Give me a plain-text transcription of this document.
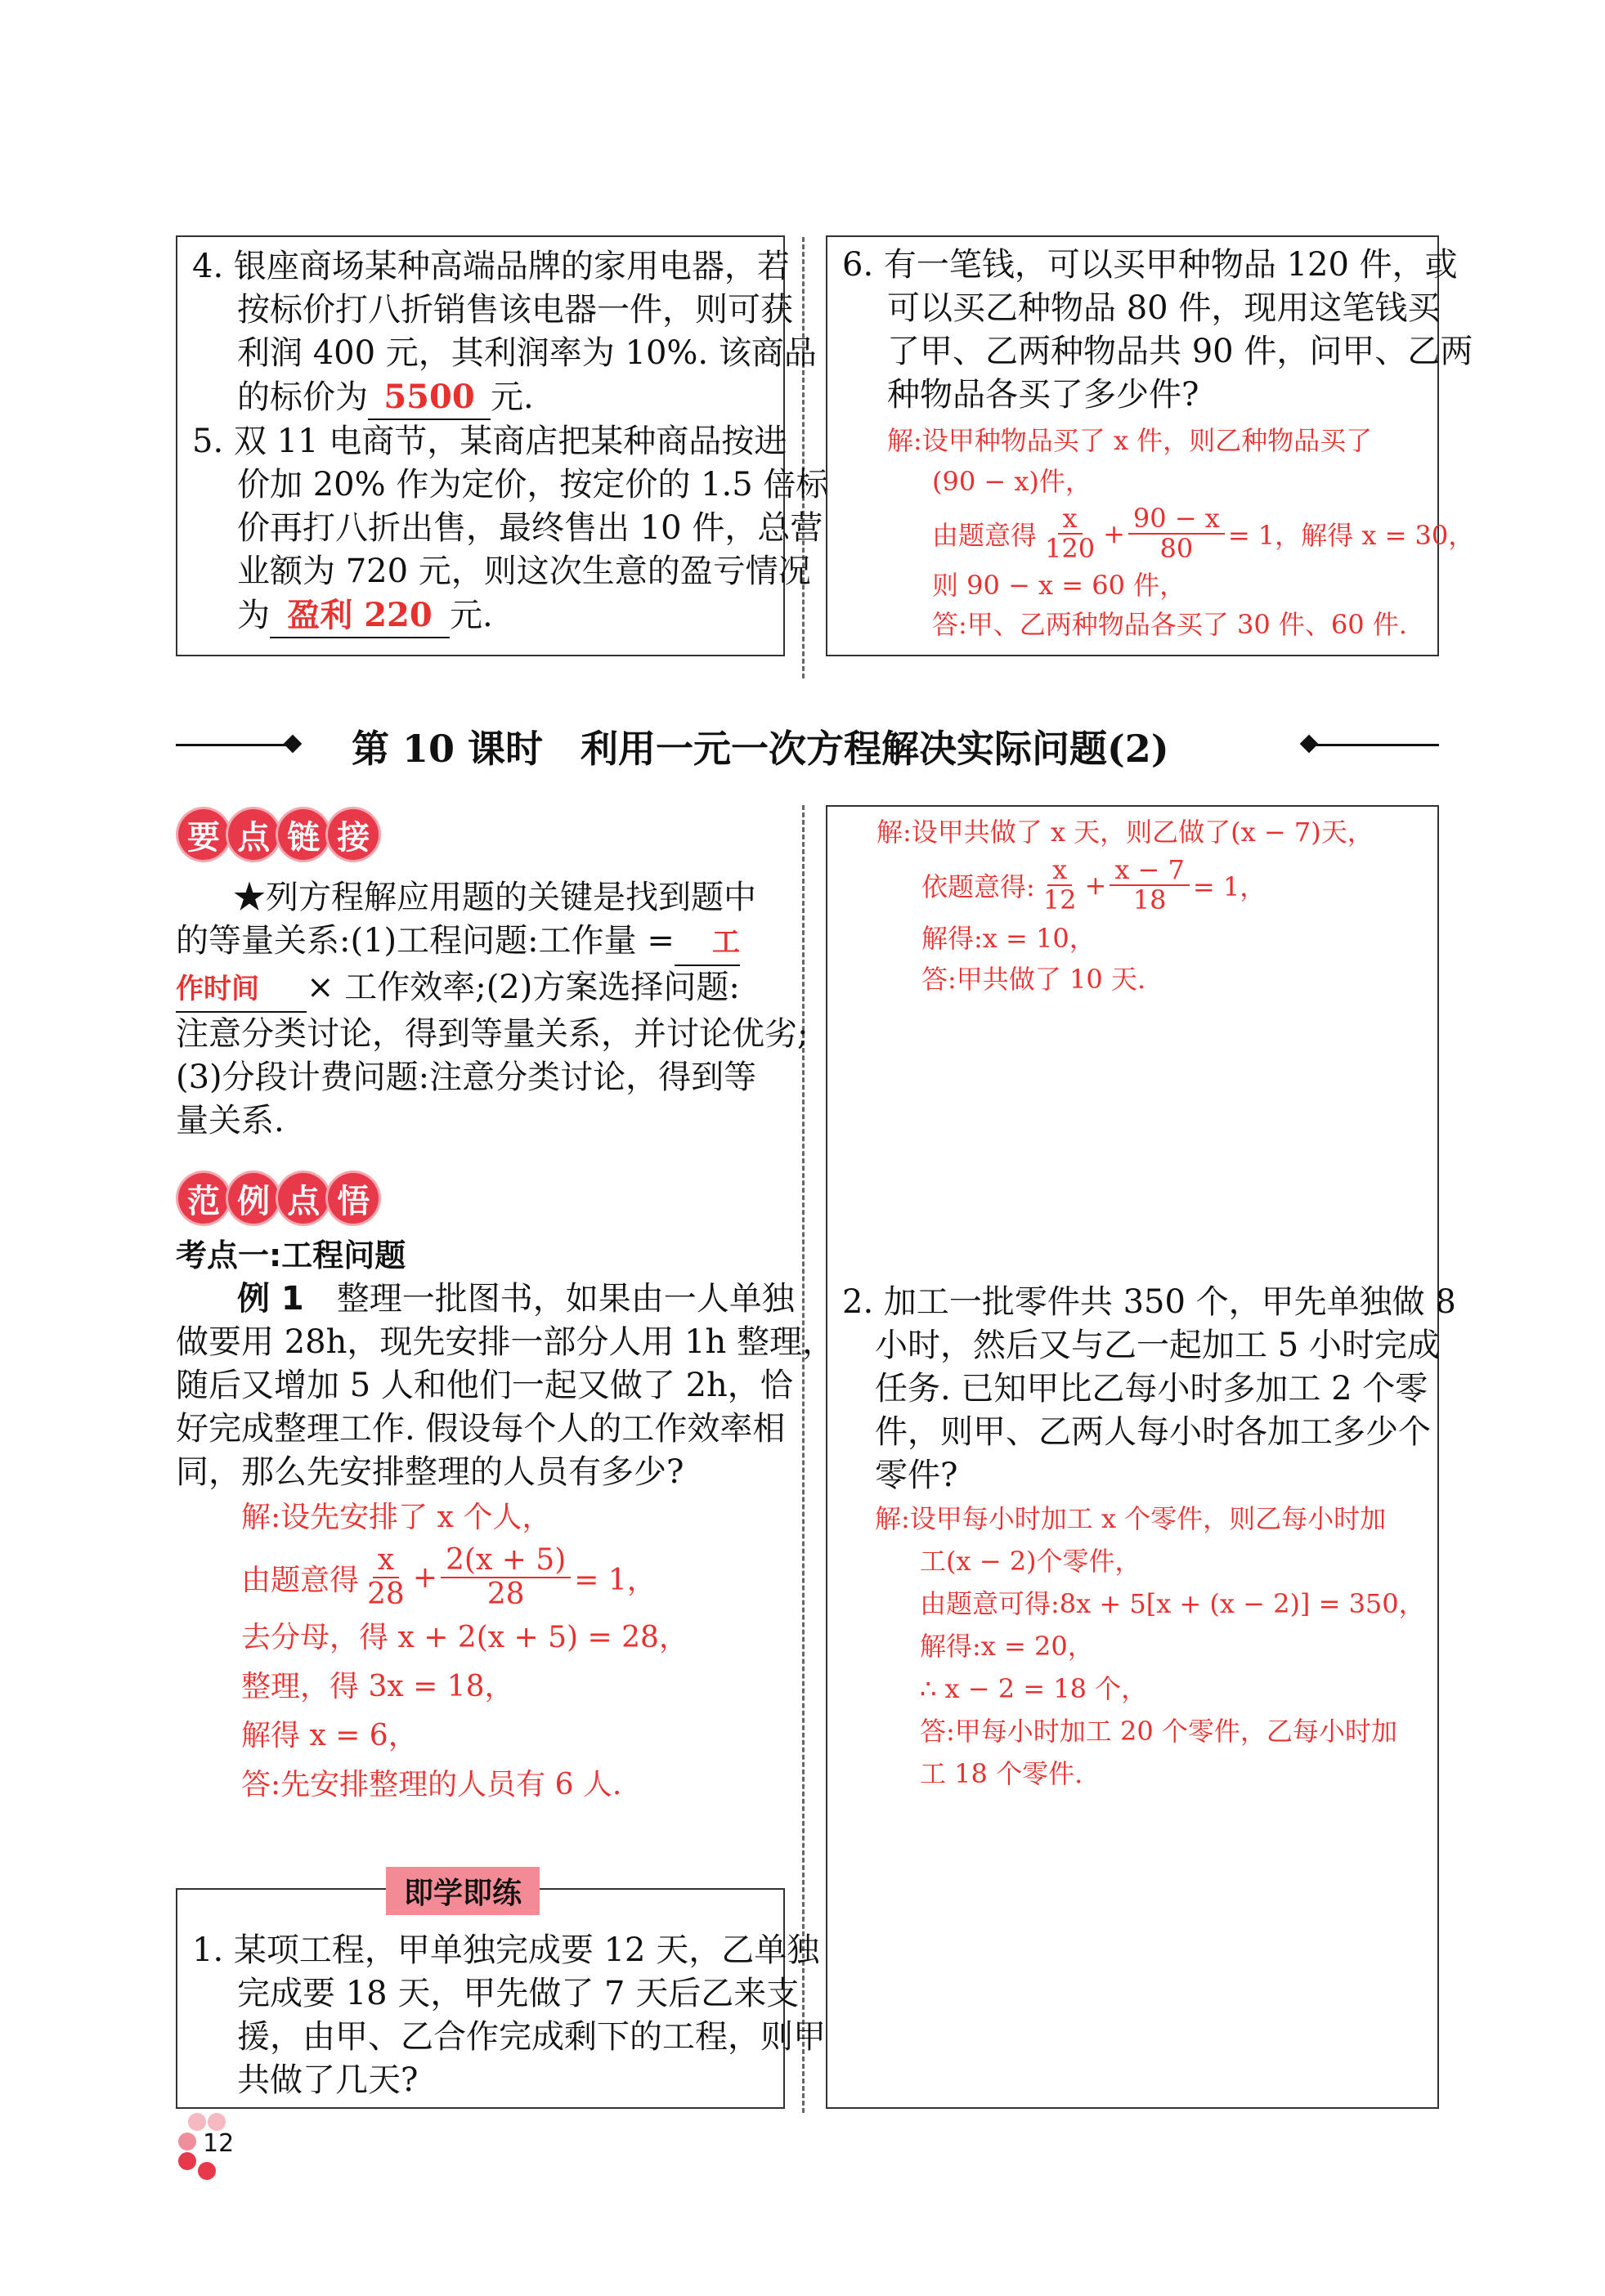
4. 银座商场某种高端品牌的家用电器，若
按标价打八折销售该电器一件，则可获
利润 400 元，其利润率为 10%. 该商品
的标价为 5500 元.
5. 双 11 电商节，某商店把某种商品按进
价加 20% 作为定价，按定价的 1.5 倍标
价再打八折出售，最终售出 10 件，总营
业额为 720 元，则这次生意的盈亏情况
为 盈利 220 元.
6. 有一笔钱，可以买甲种物品 120 件，或
可以买乙种物品 80 件，现用这笔钱买
了甲、乙两种物品共 90 件，问甲、乙两
种物品各买了多少件?
解:设甲种物品买了 x 件，则乙种物品买了
(90 − x)件，
由题意得 $\frac{x}{120} + \frac{90 - x}{80} = 1$，解得 x = 30，
则 90 − x = 60 件，
答:甲、乙两种物品各买了 30 件、60 件.
第 10 课时　利用一元一次方程解决实际问题(2)
要 点 链 接
★列方程解应用题的关键是找到题中
的等量关系:(1)工程问题:工作量 = 工
作时间 × 工作效率;(2)方案选择问题:
注意分类讨论，得到等量关系，并讨论优劣;
(3)分段计费问题:注意分类讨论，得到等
量关系.
范 例 点 悟
考点一:工程问题
例 1　 整理一批图书，如果由一人单独
做要用 28h，现先安排一部分人用 1h 整理，
随后又增加 5 人和他们一起又做了 2h，恰
好完成整理工作. 假设每个人的工作效率相
同，那么先安排整理的人员有多少?
解:设先安排了 x 个人，
由题意得 $\frac{x}{28} + \frac{2(x + 5)}{28} = 1$，
去分母，得 x + 2(x + 5) = 28，
整理，得 3x = 18，
解得 x = 6，
答:先安排整理的人员有 6 人.
即学即练
1. 某项工程，甲单独完成要 12 天，乙单独
完成要 18 天，甲先做了 7 天后乙来支
援，由甲、乙合作完成剩下的工程，则甲
共做了几天?
解:设甲共做了 x 天，则乙做了(x − 7)天，
依题意得: $\frac{x}{12} + \frac{x - 7}{18} = 1$，
解得:x = 10，
答:甲共做了 10 天.
2. 加工一批零件共 350 个，甲先单独做 8
小时，然后又与乙一起加工 5 小时完成
任务. 已知甲比乙每小时多加工 2 个零
件，则甲、乙两人每小时各加工多少个
零件?
解:设甲每小时加工 x 个零件，则乙每小时加
工(x − 2)个零件，
由题意可得:8x + 5[x + (x − 2)] = 350，
解得:x = 20，
∴ x − 2 = 18 个，
答:甲每小时加工 20 个零件，乙每小时加
工 18 个零件.
12
